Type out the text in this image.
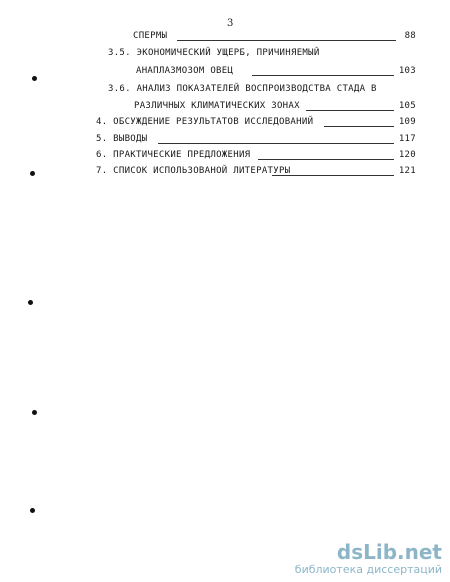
3
СПЕРМЫ	88
3.5. ЭКОНОМИЧЕСКИЙ УЩЕРБ, ПРИЧИНЯЕМЫЙ
АНАПЛАЗМОЗОМ ОВЕЦ	103
3.6. АНАЛИЗ ПОКАЗАТЕЛЕЙ ВОСПРОИЗВОДСТВА СТАДА В
РАЗЛИЧНЫХ КЛИМАТИЧЕСКИХ ЗОНАХ	105
4. ОБСУЖДЕНИЕ РЕЗУЛЬТАТОВ ИССЛЕДОВАНИЙ	109
5. ВЫВОДЫ	117
6. ПРАКТИЧЕСКИЕ ПРЕДЛОЖЕНИЯ	120
7. СПИСОК ИСПОЛЬЗОВАНОЙ ЛИТЕРАТУРЫ	121
dsLib.net
библиотека диссертаций
